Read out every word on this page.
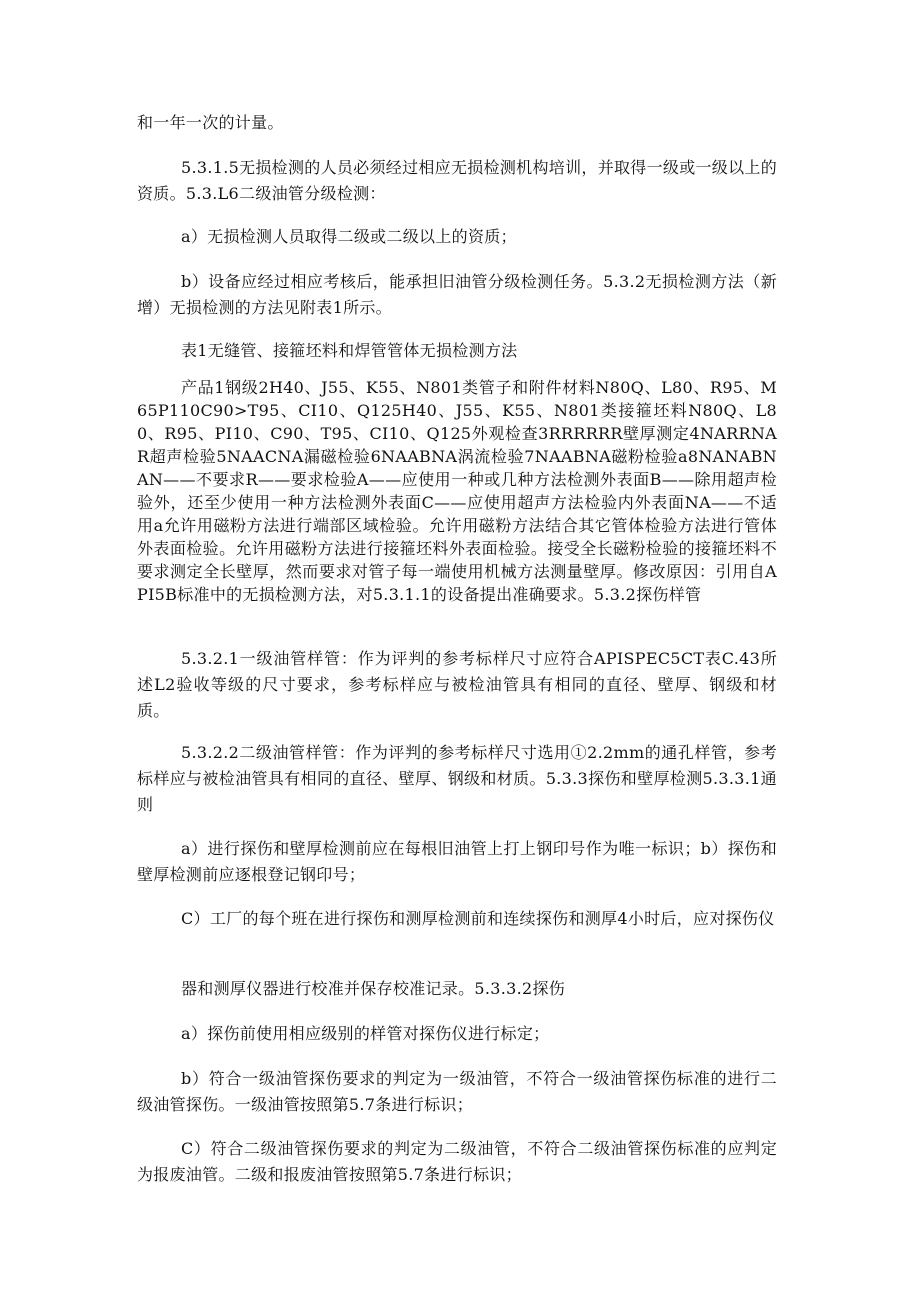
和一年一次的计量。

5.3.1.5无损检测的人员必须经过相应无损检测机构培训，并取得一级或一级以上的资质。5.3.L6二级油管分级检测：

a）无损检测人员取得二级或二级以上的资质；

b）设备应经过相应考核后，能承担旧油管分级检测任务。5.3.2无损检测方法（新增）无损检测的方法见附表1所示。

表1无缝管、接箍坯料和焊管管体无损检测方法

产品1钢级2H40、J55、K55、N801类管子和附件材料N80Q、L80、R95、M65P110C90>T95、CI10、Q125H40、J55、K55、N801类接箍坯料N80Q、L80、R95、PI10、C90、T95、CI10、Q125外观检查3RRRRRR壁厚测定4NARRNAR超声检验5NAACNA漏磁检验6NAABNA涡流检验7NAABNA磁粉检验a8NANABNAN——不要求R——要求检验A——应使用一种或几种方法检测外表面B——除用超声检验外，还至少使用一种方法检测外表面C——应使用超声方法检验内外表面NA——不适用a允许用磁粉方法进行端部区域检验。允许用磁粉方法结合其它管体检验方法进行管体外表面检验。允许用磁粉方法进行接箍坯料外表面检验。接受全长磁粉检验的接箍坯料不要求测定全长壁厚，然而要求对管子每一端使用机械方法测量壁厚。修改原因：引用自API5B标准中的无损检测方法，对5.3.1.1的设备提出准确要求。5.3.2探伤样管

5.3.2.1一级油管样管：作为评判的参考标样尺寸应符合APISPEC5CT表C.43所述L2验收等级的尺寸要求，参考标样应与被检油管具有相同的直径、壁厚、钢级和材质。

5.3.2.2二级油管样管：作为评判的参考标样尺寸选用①2.2mm的通孔样管，参考标样应与被检油管具有相同的直径、壁厚、钢级和材质。5.3.3探伤和壁厚检测5.3.3.1通则

a）进行探伤和壁厚检测前应在每根旧油管上打上钢印号作为唯一标识；b）探伤和壁厚检测前应逐根登记钢印号；

C）工厂的每个班在进行探伤和测厚检测前和连续探伤和测厚4小时后，应对探伤仪

器和测厚仪器进行校准并保存校准记录。5.3.3.2探伤

a）探伤前使用相应级别的样管对探伤仪进行标定；

b）符合一级油管探伤要求的判定为一级油管，不符合一级油管探伤标准的进行二级油管探伤。一级油管按照第5.7条进行标识；

C）符合二级油管探伤要求的判定为二级油管，不符合二级油管探伤标准的应判定为报废油管。二级和报废油管按照第5.7条进行标识；
